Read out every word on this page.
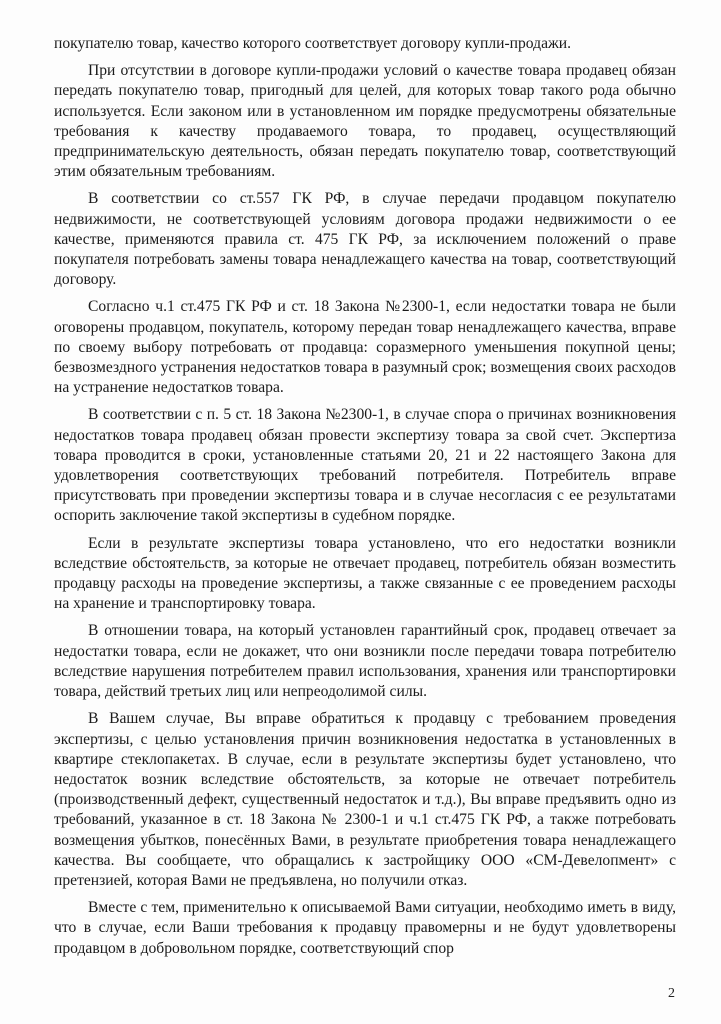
покупателю товар, качество которого соответствует договору купли-продажи.

При отсутствии в договоре купли-продажи условий о качестве товара продавец обязан передать покупателю товар, пригодный для целей, для которых товар такого рода обычно используется. Если законом или в установленном им порядке предусмотрены обязательные требования к качеству продаваемого товара, то продавец, осуществляющий предпринимательскую деятельность, обязан передать покупателю товар, соответствующий этим обязательным требованиям.

В соответствии со ст.557 ГК РФ, в случае передачи продавцом покупателю недвижимости, не соответствующей условиям договора продажи недвижимости о ее качестве, применяются правила ст. 475 ГК РФ, за исключением положений о праве покупателя потребовать замены товара ненадлежащего качества на товар, соответствующий договору.

Согласно ч.1 ст.475 ГК РФ и ст. 18 Закона №2300-1, если недостатки товара не были оговорены продавцом, покупатель, которому передан товар ненадлежащего качества, вправе по своему выбору потребовать от продавца: соразмерного уменьшения покупной цены; безвозмездного устранения недостатков товара в разумный срок; возмещения своих расходов на устранение недостатков товара.

В соответствии с п. 5 ст. 18 Закона №2300-1, в случае спора о причинах возникновения недостатков товара продавец обязан провести экспертизу товара за свой счет. Экспертиза товара проводится в сроки, установленные статьями 20, 21 и 22 настоящего Закона для удовлетворения соответствующих требований потребителя. Потребитель вправе присутствовать при проведении экспертизы товара и в случае несогласия с ее результатами оспорить заключение такой экспертизы в судебном порядке.

Если в результате экспертизы товара установлено, что его недостатки возникли вследствие обстоятельств, за которые не отвечает продавец, потребитель обязан возместить продавцу расходы на проведение экспертизы, а также связанные с ее проведением расходы на хранение и транспортировку товара.

В отношении товара, на который установлен гарантийный срок, продавец отвечает за недостатки товара, если не докажет, что они возникли после передачи товара потребителю вследствие нарушения потребителем правил использования, хранения или транспортировки товара, действий третьих лиц или непреодолимой силы.

В Вашем случае, Вы вправе обратиться к продавцу с требованием проведения экспертизы, с целью установления причин возникновения недостатка в установленных в квартире стеклопакетах. В случае, если в результате экспертизы будет установлено, что недостаток возник вследствие обстоятельств, за которые не отвечает потребитель (производственный дефект, существенный недостаток и т.д.), Вы вправе предъявить одно из требований, указанное в ст. 18 Закона № 2300-1 и ч.1 ст.475 ГК РФ, а также потребовать возмещения убытков, понесённых Вами, в результате приобретения товара ненадлежащего качества. Вы сообщаете, что обращались к застройщику ООО «СМ-Девелопмент» с претензией, которая Вами не предъявлена, но получили отказ.

Вместе с тем, применительно к описываемой Вами ситуации, необходимо иметь в виду, что в случае, если Ваши требования к продавцу правомерны и не будут удовлетворены продавцом в добровольном порядке, соответствующий спор

2
